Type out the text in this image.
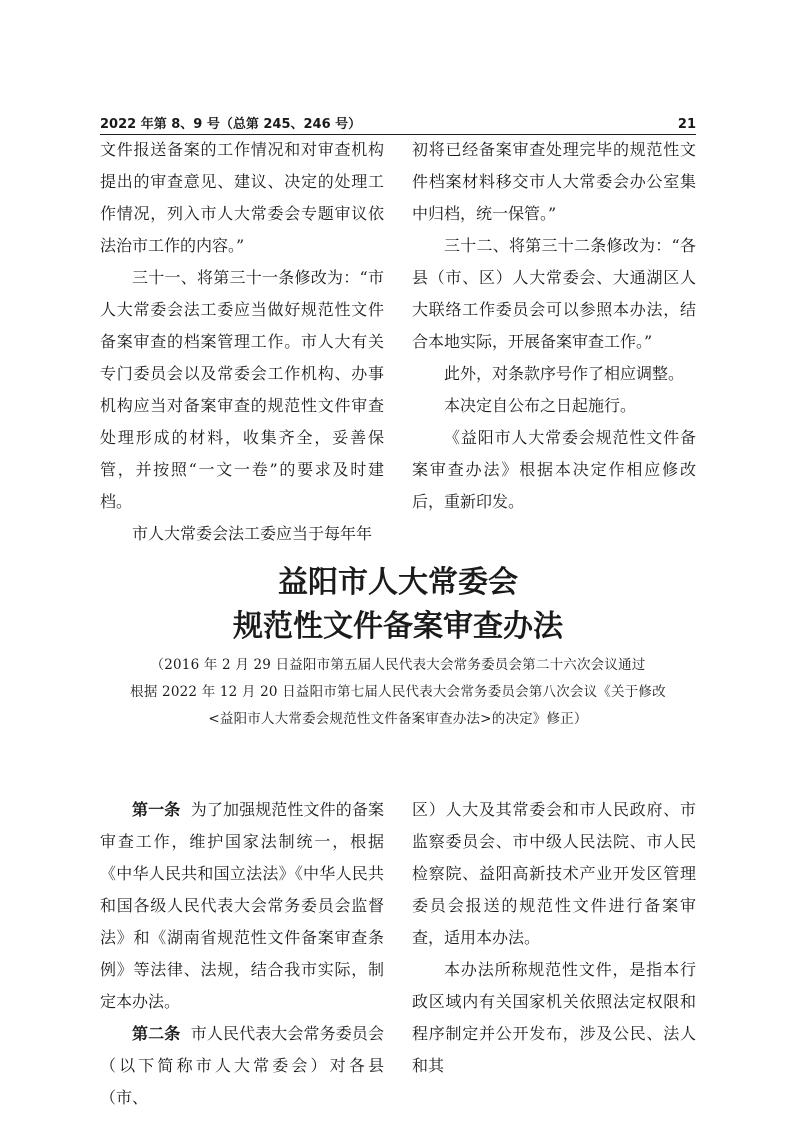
2022 年第 8、9 号（总第 245、246 号）	21

文件报送备案的工作情况和对审查机构提出的审查意见、建议、决定的处理工作情况，列入市人大常委会专题审议依法治市工作的内容。”

三十一、将第三十一条修改为：“市人大常委会法工委应当做好规范性文件备案审查的档案管理工作。市人大有关专门委员会以及常委会工作机构、办事机构应当对备案审查的规范性文件审查处理形成的材料，收集齐全，妥善保管，并按照“一文一卷”的要求及时建档。

市人大常委会法工委应当于每年年

初将已经备案审查处理完毕的规范性文件档案材料移交市人大常委会办公室集中归档，统一保管。”

三十二、将第三十二条修改为：“各县（市、区）人大常委会、大通湖区人大联络工作委员会可以参照本办法，结合本地实际，开展备案审查工作。”

此外，对条款序号作了相应调整。

本决定自公布之日起施行。

《益阳市人大常委会规范性文件备案审查办法》根据本决定作相应修改后，重新印发。

益阳市人大常委会
规范性文件备案审查办法
（2016 年 2 月 29 日益阳市第五届人民代表大会常务委员会第二十六次会议通过
根据 2022 年 12 月 20 日益阳市第七届人民代表大会常务委员会第八次会议《关于修改
<益阳市人大常委会规范性文件备案审查办法>的决定》修正）

第一条 为了加强规范性文件的备案审查工作，维护国家法制统一，根据《中华人民共和国立法法》《中华人民共和国各级人民代表大会常务委员会监督法》和《湖南省规范性文件备案审查条例》等法律、法规，结合我市实际，制定本办法。

第二条 市人民代表大会常务委员会（以下简称市人大常委会）对各县（市、

区）人大及其常委会和市人民政府、市监察委员会、市中级人民法院、市人民检察院、益阳高新技术产业开发区管理委员会报送的规范性文件进行备案审查，适用本办法。

本办法所称规范性文件，是指本行政区域内有关国家机关依照法定权限和程序制定并公开发布，涉及公民、法人和其
